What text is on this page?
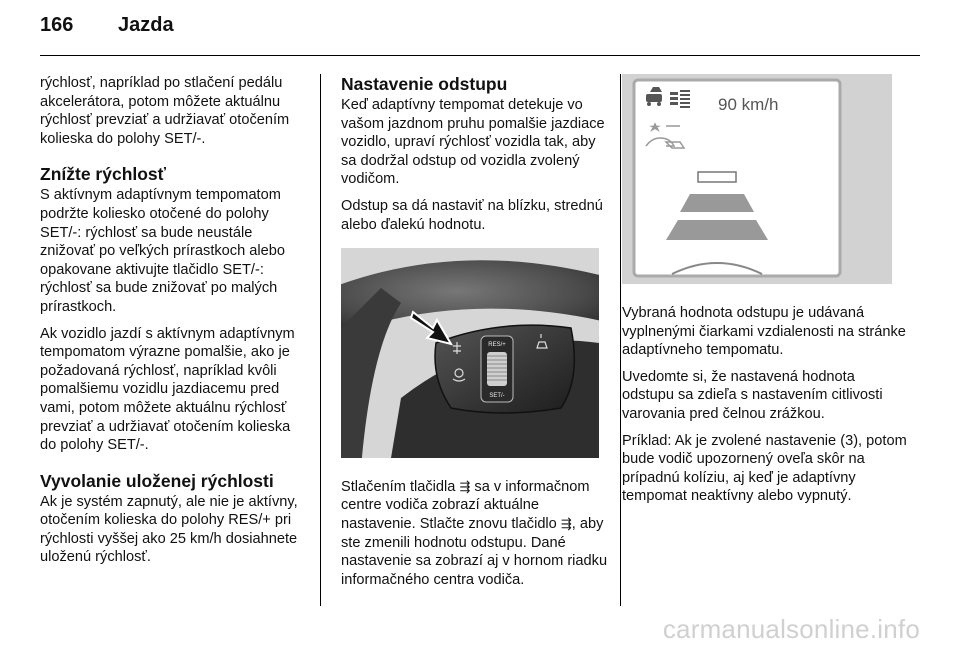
166 Jazda

rýchlosť, napríklad po stlačení pedálu akcelerátora, potom môžete aktuálnu rýchlosť prevziať a udržiavať otočením kolieska do polohy SET/-.

Znížte rýchlosť

S aktívnym adaptívnym tempomatom podržte koliesko otočené do polohy SET/-: rýchlosť sa bude neustále znižovať po veľkých prírastkoch alebo opakovane aktivujte tlačidlo SET/-: rýchlosť sa bude znižovať po malých prírastkoch.

Ak vozidlo jazdí s aktívnym adaptívnym tempomatom výrazne pomalšie, ako je požadovaná rýchlosť, napríklad kvôli pomalšiemu vozidlu jazdiacemu pred vami, potom môžete aktuálnu rýchlosť prevziať a udržiavať otočením kolieska do polohy SET/-.

Vyvolanie uloženej rýchlosti

Ak je systém zapnutý, ale nie je aktívny, otočením kolieska do polohy RES/+ pri rýchlosti vyššej ako 25 km/h dosiahnete uloženú rýchlosť.

Nastavenie odstupu

Keď adaptívny tempomat detekuje vo vašom jazdnom pruhu pomalšie jazdiace vozidlo, upraví rýchlosť vozidla tak, aby sa dodržal odstup od vozidla zvolený vodičom.

Odstup sa dá nastaviť na blízku, strednú alebo ďalekú hodnotu.

RES/+
SET/-

Stlačením tlačidla ⇶ sa v informačnom centre vodiča zobrazí aktuálne nastavenie. Stlačte znovu tlačidlo ⇶, aby ste zmenili hodnotu odstupu. Dané nastavenie sa zobrazí aj v hornom riadku informačného centra vodiča.

90 km/h

Vybraná hodnota odstupu je udávaná vyplnenými čiarkami vzdialenosti na stránke adaptívneho tempomatu.

Uvedomte si, že nastavená hodnota odstupu sa zdieľa s nastavením citlivosti varovania pred čelnou zrážkou.

Príklad: Ak je zvolené nastavenie (3), potom bude vodič upozornený oveľa skôr na prípadnú kolíziu, aj keď je adaptívny tempomat neaktívny alebo vypnutý.

carmanualsonline.info
